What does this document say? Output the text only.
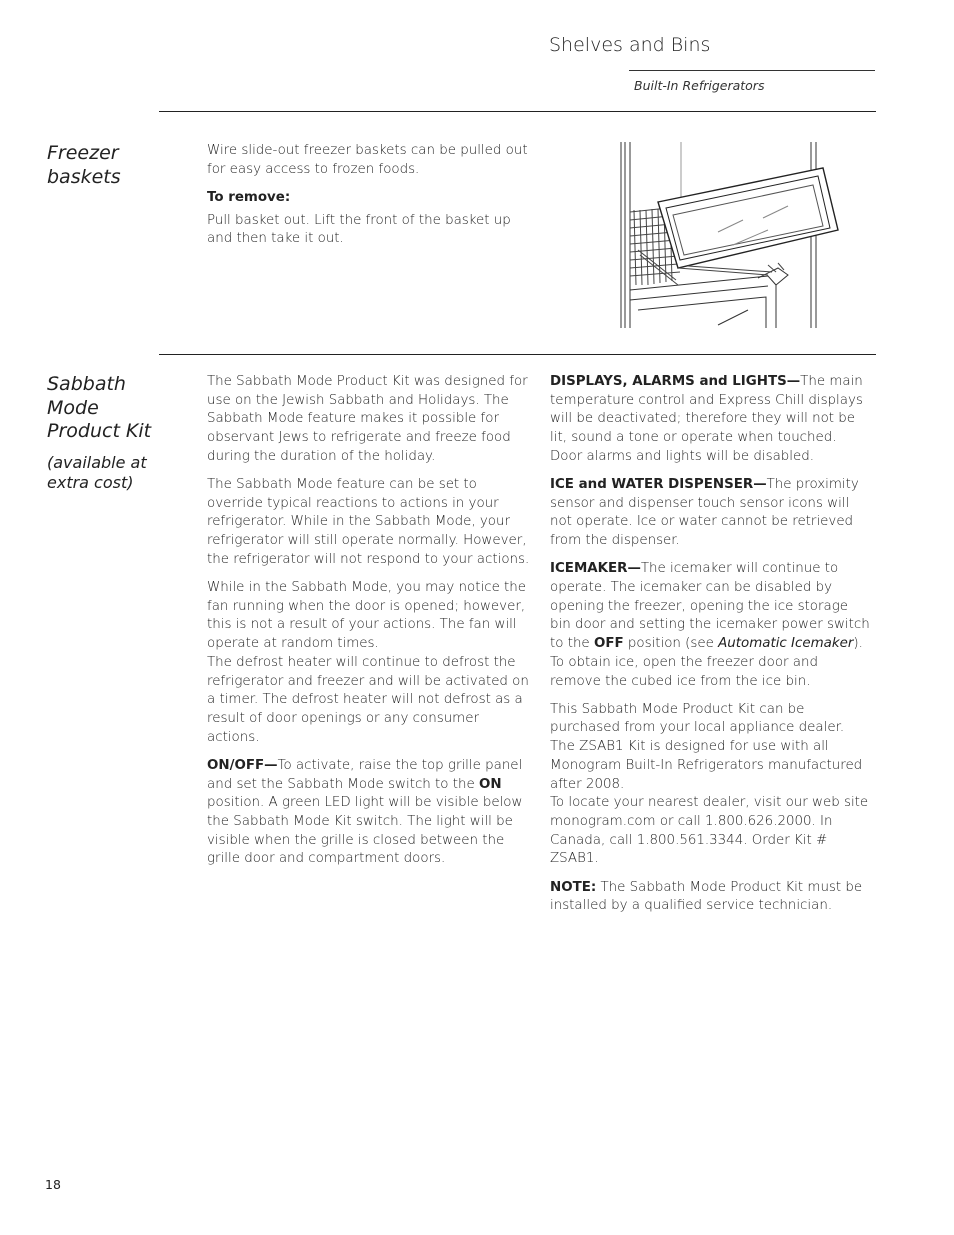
Shelves and Bins
Built-In Refrigerators
Freezer
baskets

Wire slide-out freezer baskets can be pulled out for easy access to frozen foods.

To remove:

Pull basket out. Lift the front of the basket up and then take it out.

Sabbath
Mode
Product Kit
(available at
extra cost)

The Sabbath Mode Product Kit was designed for use on the Jewish Sabbath and Holidays. The Sabbath Mode feature makes it possible for observant Jews to refrigerate and freeze food during the duration of the holiday.

The Sabbath Mode feature can be set to override typical reactions to actions in your refrigerator. While in the Sabbath Mode, your refrigerator will still operate normally. However, the refrigerator will not respond to your actions.

While in the Sabbath Mode, you may notice the fan running when the door is opened; however, this is not a result of your actions. The fan will operate at random times.
The defrost heater will continue to defrost the refrigerator and freezer and will be activated on a timer. The defrost heater will not defrost as a result of door openings or any consumer actions.

ON/OFF—To activate, raise the top grille panel and set the Sabbath Mode switch to the ON position. A green LED light will be visible below the Sabbath Mode Kit switch. The light will be visible when the grille is closed between the grille door and compartment doors.

DISPLAYS, ALARMS and LIGHTS—The main temperature control and Express Chill displays will be deactivated; therefore they will not be lit, sound a tone or operate when touched. Door alarms and lights will be disabled.

ICE and WATER DISPENSER—The proximity sensor and dispenser touch sensor icons will not operate. Ice or water cannot be retrieved from the dispenser.

ICEMAKER—The icemaker will continue to operate. The icemaker can be disabled by opening the freezer, opening the ice storage bin door and setting the icemaker power switch to the OFF position (see Automatic Icemaker).
To obtain ice, open the freezer door and remove the cubed ice from the ice bin.

This Sabbath Mode Product Kit can be purchased from your local appliance dealer. The ZSAB1 Kit is designed for use with all Monogram Built-In Refrigerators manufactured after 2008.
To locate your nearest dealer, visit our web site monogram.com or call 1.800.626.2000. In Canada, call 1.800.561.3344. Order Kit # ZSAB1.

NOTE: The Sabbath Mode Product Kit must be installed by a qualified service technician.

18
